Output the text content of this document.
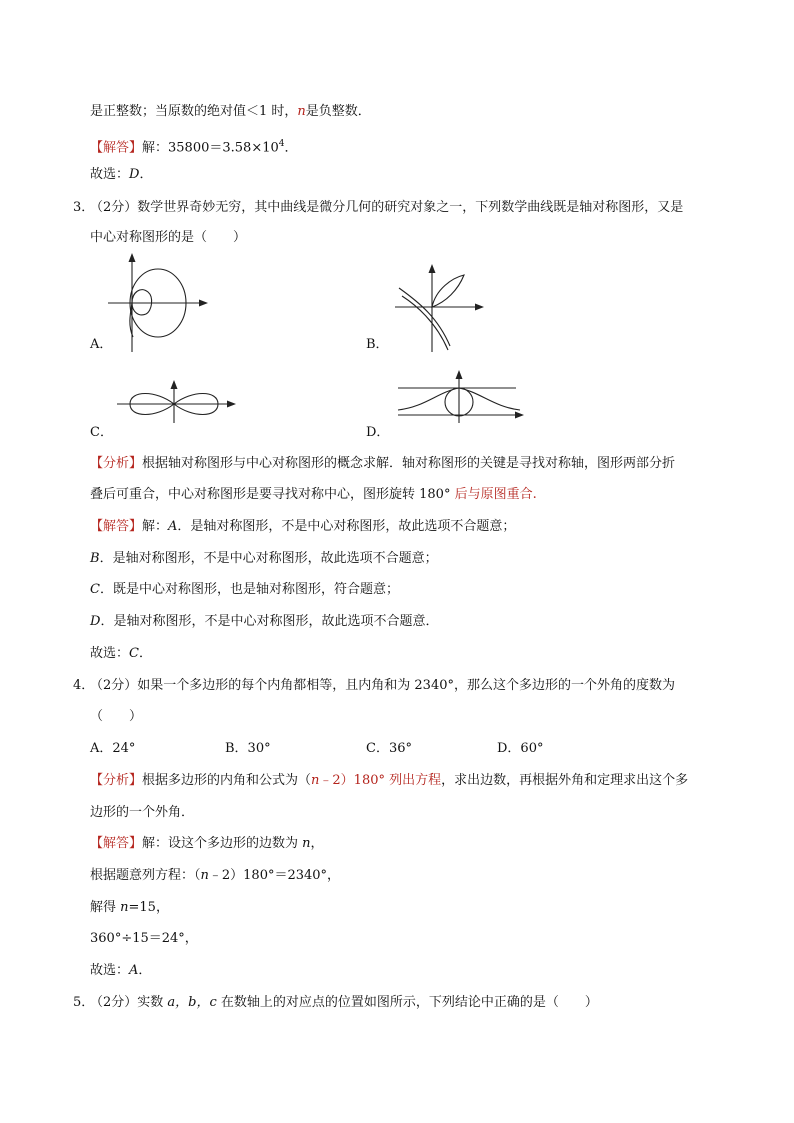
是正整数；当原数的绝对值＜1 时，n是负整数．
【解答】解：$35800=3.58\times 10^4$．
故选：D．
3．
（2分）数学世界奇妙无穷，其中曲线是微分几何的研究对象之一，下列数学曲线既是轴对称图形，又是
中心对称图形的是（　　）
A．	B．
C．	D．
【分析】根据轴对称图形与中心对称图形的概念求解．轴对称图形的关键是寻找对称轴，图形两部分折
叠后可重合，中心对称图形是要寻找对称中心，图形旋转 180° 后与原图重合.
【解答】解：A．是轴对称图形，不是中心对称图形，故此选项不合题意；
B．是轴对称图形，不是中心对称图形，故此选项不合题意；
C．既是中心对称图形，也是轴对称图形，符合题意；
D．是轴对称图形，不是中心对称图形，故此选项不合题意．
故选：C．
4．
（2分）如果一个多边形的每个内角都相等，且内角和为 2340°，那么这个多边形的一个外角的度数为
（　　）
A．24°	B．30°	C．36°	D．60°
【分析】根据多边形的内角和公式为（n﹣2）180° 列出方程，求出边数，再根据外角和定理求出这个多
边形的一个外角．
【解答】解：设这个多边形的边数为 n，
根据题意列方程：（n﹣2）180°＝2340°，
解得 n=15，
360°÷15＝24°，
故选：A．
5．
（2分）实数 a，b，c 在数轴上的对应点的位置如图所示，下列结论中正确的是（　　）
